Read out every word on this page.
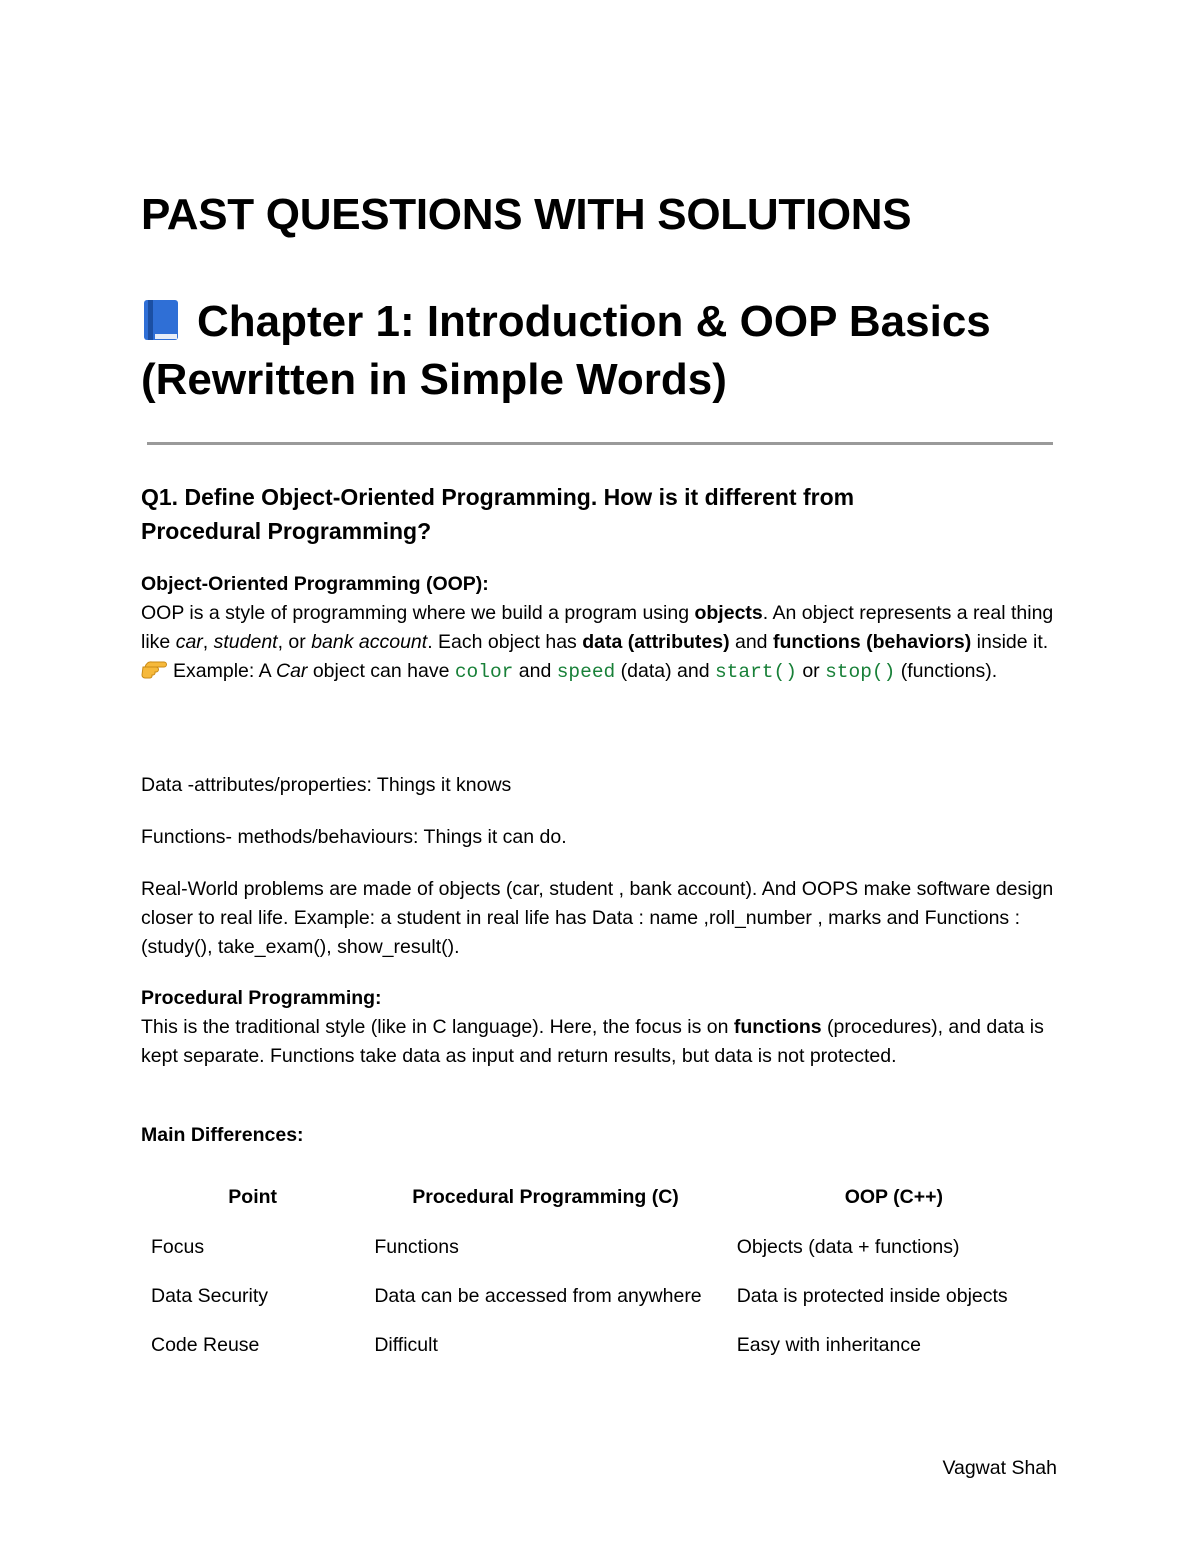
PAST QUESTIONS WITH SOLUTIONS
Chapter 1: Introduction & OOP Basics
(Rewritten in Simple Words)
Q1. Define Object-Oriented Programming. How is it different from
Procedural Programming?

Object-Oriented Programming (OOP):

OOP is a style of programming where we build a program using objects. An object represents a real thing like car, student, or bank account. Each object has data (attributes) and functions (behaviors) inside it.

Example: A Car object can have color and speed (data) and start() or stop() (functions).

Data -attributes/properties: Things it knows
Functions- methods/behaviours: Things it can do.
Real-World problems are made of objects (car, student , bank account). And OOPS make software design closer to real life. Example: a student in real life has Data : name ,roll_number , marks and Functions :(study(), take_exam(), show_result().

Procedural Programming:

This is the traditional style (like in C language). Here, the focus is on functions (procedures), and data is kept separate. Functions take data as input and return results, but data is not protected.

Main Differences:
Point	Procedural Programming (C)	OOP (C++)
Focus	Functions	Objects (data + functions)
Data Security	Data can be accessed from anywhere	Data is protected inside objects
Code Reuse	Difficult	Easy with inheritance
Vagwat Shah
